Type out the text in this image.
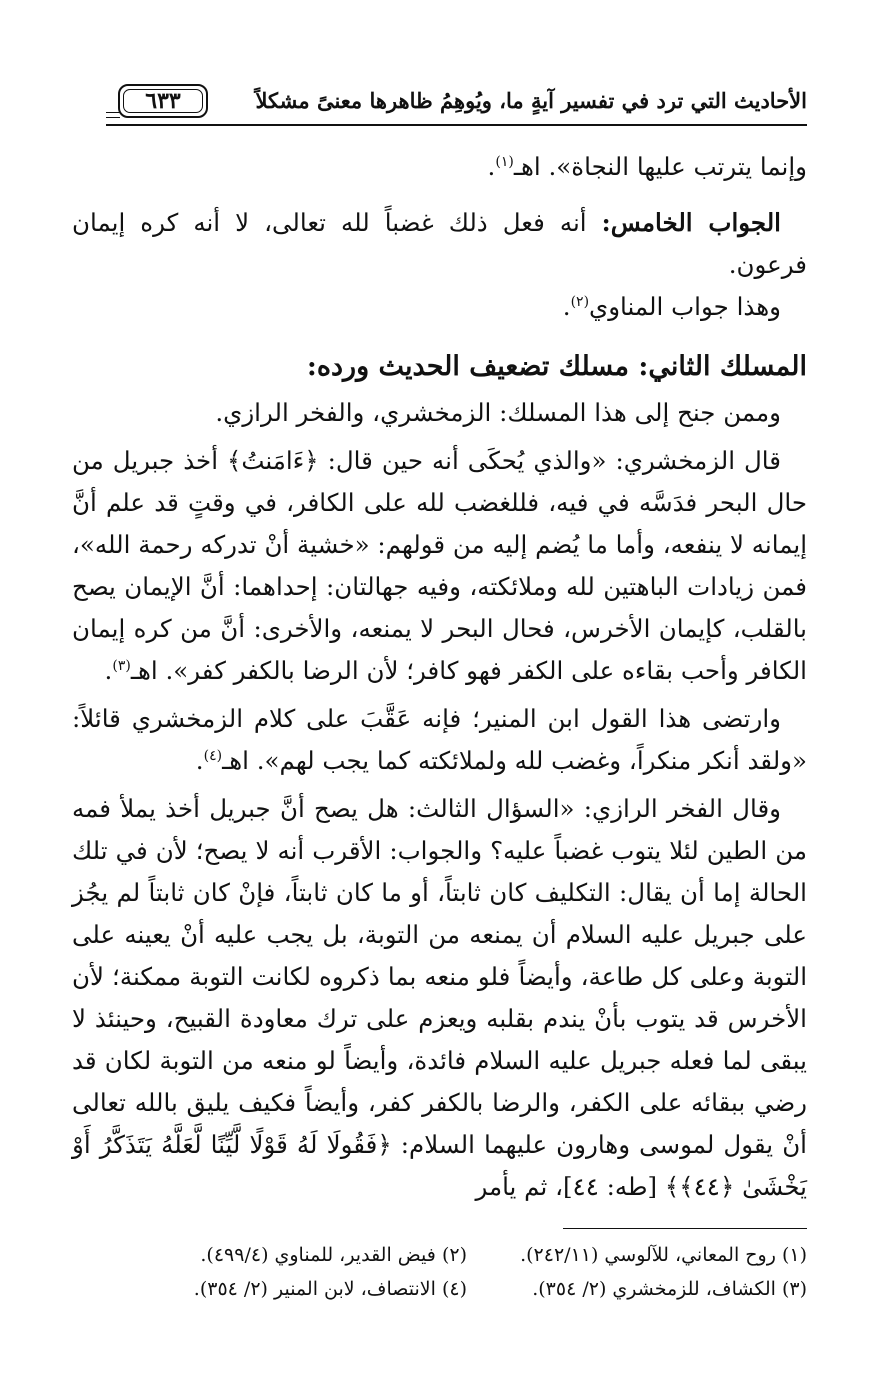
الأحاديث التي ترد في تفسير آيةٍ ما، ويُوهِمُ ظاهرها معنىً مشكلاً
٦٣٣

وإنما يترتب عليها النجاة». اهـ$^{(١)}$.

الجواب الخامس: أنه فعل ذلك غضباً لله تعالى، لا أنه كره إيمان فرعون.

وهذا جواب المناوي$^{(٢)}$.

المسلك الثاني: مسلك تضعيف الحديث ورده:

وممن جنح إلى هذا المسلك: الزمخشري، والفخر الرازي.

قال الزمخشري: «والذي يُحكَى أنه حين قال: ﴿ءَامَنتُ﴾ أخذ جبريل من حال البحر فدَسَّه في فيه، فللغضب لله على الكافر، في وقتٍ قد علم أنَّ إيمانه لا ينفعه، وأما ما يُضم إليه من قولهم: «خشية أنْ تدركه رحمة الله»، فمن زيادات الباهتين لله وملائكته، وفيه جهالتان: إحداهما: أنَّ الإيمان يصح بالقلب، كإيمان الأخرس، فحال البحر لا يمنعه، والأخرى: أنَّ من كره إيمان الكافر وأحب بقاءه على الكفر فهو كافر؛ لأن الرضا بالكفر كفر». اهـ$^{(٣)}$.

وارتضى هذا القول ابن المنير؛ فإنه عَقَّبَ على كلام الزمخشري قائلاً: «ولقد أنكر منكراً، وغضب لله ولملائكته كما يجب لهم». اهـ$^{(٤)}$.

وقال الفخر الرازي: «السؤال الثالث: هل يصح أنَّ جبريل أخذ يملأ فمه من الطين لئلا يتوب غضباً عليه؟ والجواب: الأقرب أنه لا يصح؛ لأن في تلك الحالة إما أن يقال: التكليف كان ثابتاً، أو ما كان ثابتاً، فإنْ كان ثابتاً لم يجُز على جبريل عليه السلام أن يمنعه من التوبة، بل يجب عليه أنْ يعينه على التوبة وعلى كل طاعة، وأيضاً فلو منعه بما ذكروه لكانت التوبة ممكنة؛ لأن الأخرس قد يتوب بأنْ يندم بقلبه ويعزم على ترك معاودة القبيح، وحينئذ لا يبقى لما فعله جبريل عليه السلام فائدة، وأيضاً لو منعه من التوبة لكان قد رضي ببقائه على الكفر، والرضا بالكفر كفر، وأيضاً فكيف يليق بالله تعالى أنْ يقول لموسى وهارون عليهما السلام: ﴿فَقُولَا لَهُ قَوْلًا لَّيِّنًا لَّعَلَّهُ يَتَذَكَّرُ أَوْ يَخْشَىٰ ﴿٤٤﴾﴾ [طه: ٤٤]، ثم يأمر

(١) روح المعاني، للآلوسي (٢٤٢/١١).
(٢) فيض القدير، للمناوي (٤٩٩/٤).
(٣) الكشاف، للزمخشري (٢/ ٣٥٤).
(٤) الانتصاف، لابن المنير (٢/ ٣٥٤).
